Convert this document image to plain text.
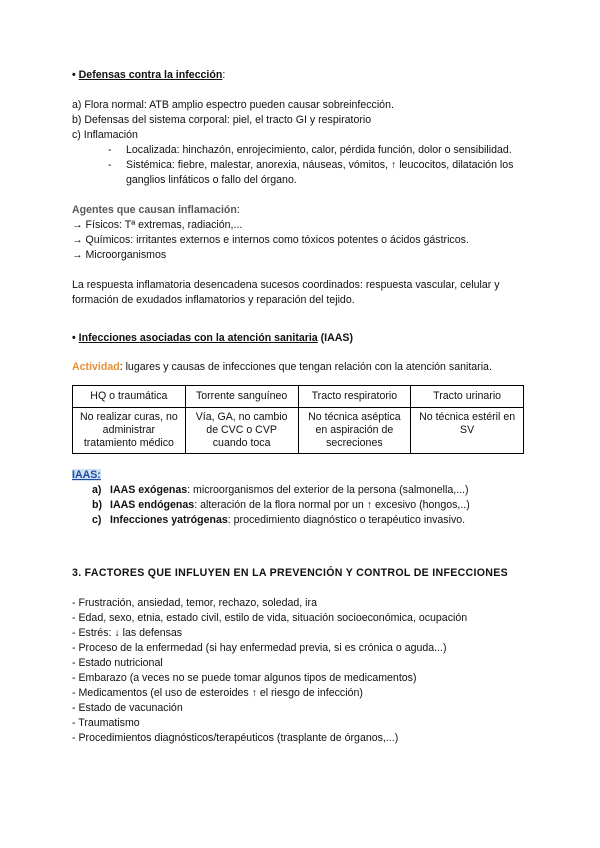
• Defensas contra la infección:

a) Flora normal: ATB amplio espectro pueden causar sobreinfección.

b) Defensas del sistema corporal: piel, el tracto GI y respiratorio

c) Inflamación

- Localizada: hinchazón, enrojecimiento, calor, pérdida función, dolor o sensibilidad.
- Sistémica: fiebre, malestar, anorexia, náuseas, vómitos, ↑ leucocitos, dilatación los ganglios linfáticos o fallo del órgano.

Agentes que causan inflamación:

→ Físicos: Tª extremas, radiación,...

→ Químicos: irritantes externos e internos como tóxicos potentes o ácidos gástricos.

→ Microorganismos

La respuesta inflamatoria desencadena sucesos coordinados: respuesta vascular, celular y formación de exudados inflamatorios y reparación del tejido.

• Infecciones asociadas con la atención sanitaria (IAAS)

Actividad: lugares y causas de infecciones que tengan relación con la atención sanitaria.

HQ o traumática	Torrente sanguíneo	Tracto respiratorio	Tracto urinario
No realizar curas, no administrar tratamiento médico	Vía, GA, no cambio de CVC o CVP cuando toca	No técnica aséptica en aspiración de secreciones	No técnica estéril en SV

IAAS:

a) IAAS exógenas: microorganismos del exterior de la persona (salmonella,...)
b) IAAS endógenas: alteración de la flora normal por un ↑ excesivo (hongos,..)
c) Infecciones yatrógenas: procedimiento diagnóstico o terapéutico invasivo.

3. FACTORES QUE INFLUYEN EN LA PREVENCIÓN Y CONTROL DE INFECCIONES

- Frustración, ansiedad, temor, rechazo, soledad, ira

- Edad, sexo, etnia, estado civil, estilo de vida, situación socioeconómica, ocupación

- Estrés: ↓ las defensas

- Proceso de la enfermedad (si hay enfermedad previa, si es crónica o aguda...)

- Estado nutricional

- Embarazo (a veces no se puede tomar algunos tipos de medicamentos)

- Medicamentos (el uso de esteroides ↑ el riesgo de infección)

- Estado de vacunación

- Traumatismo

- Procedimientos diagnósticos/terapéuticos (trasplante de órganos,...)
